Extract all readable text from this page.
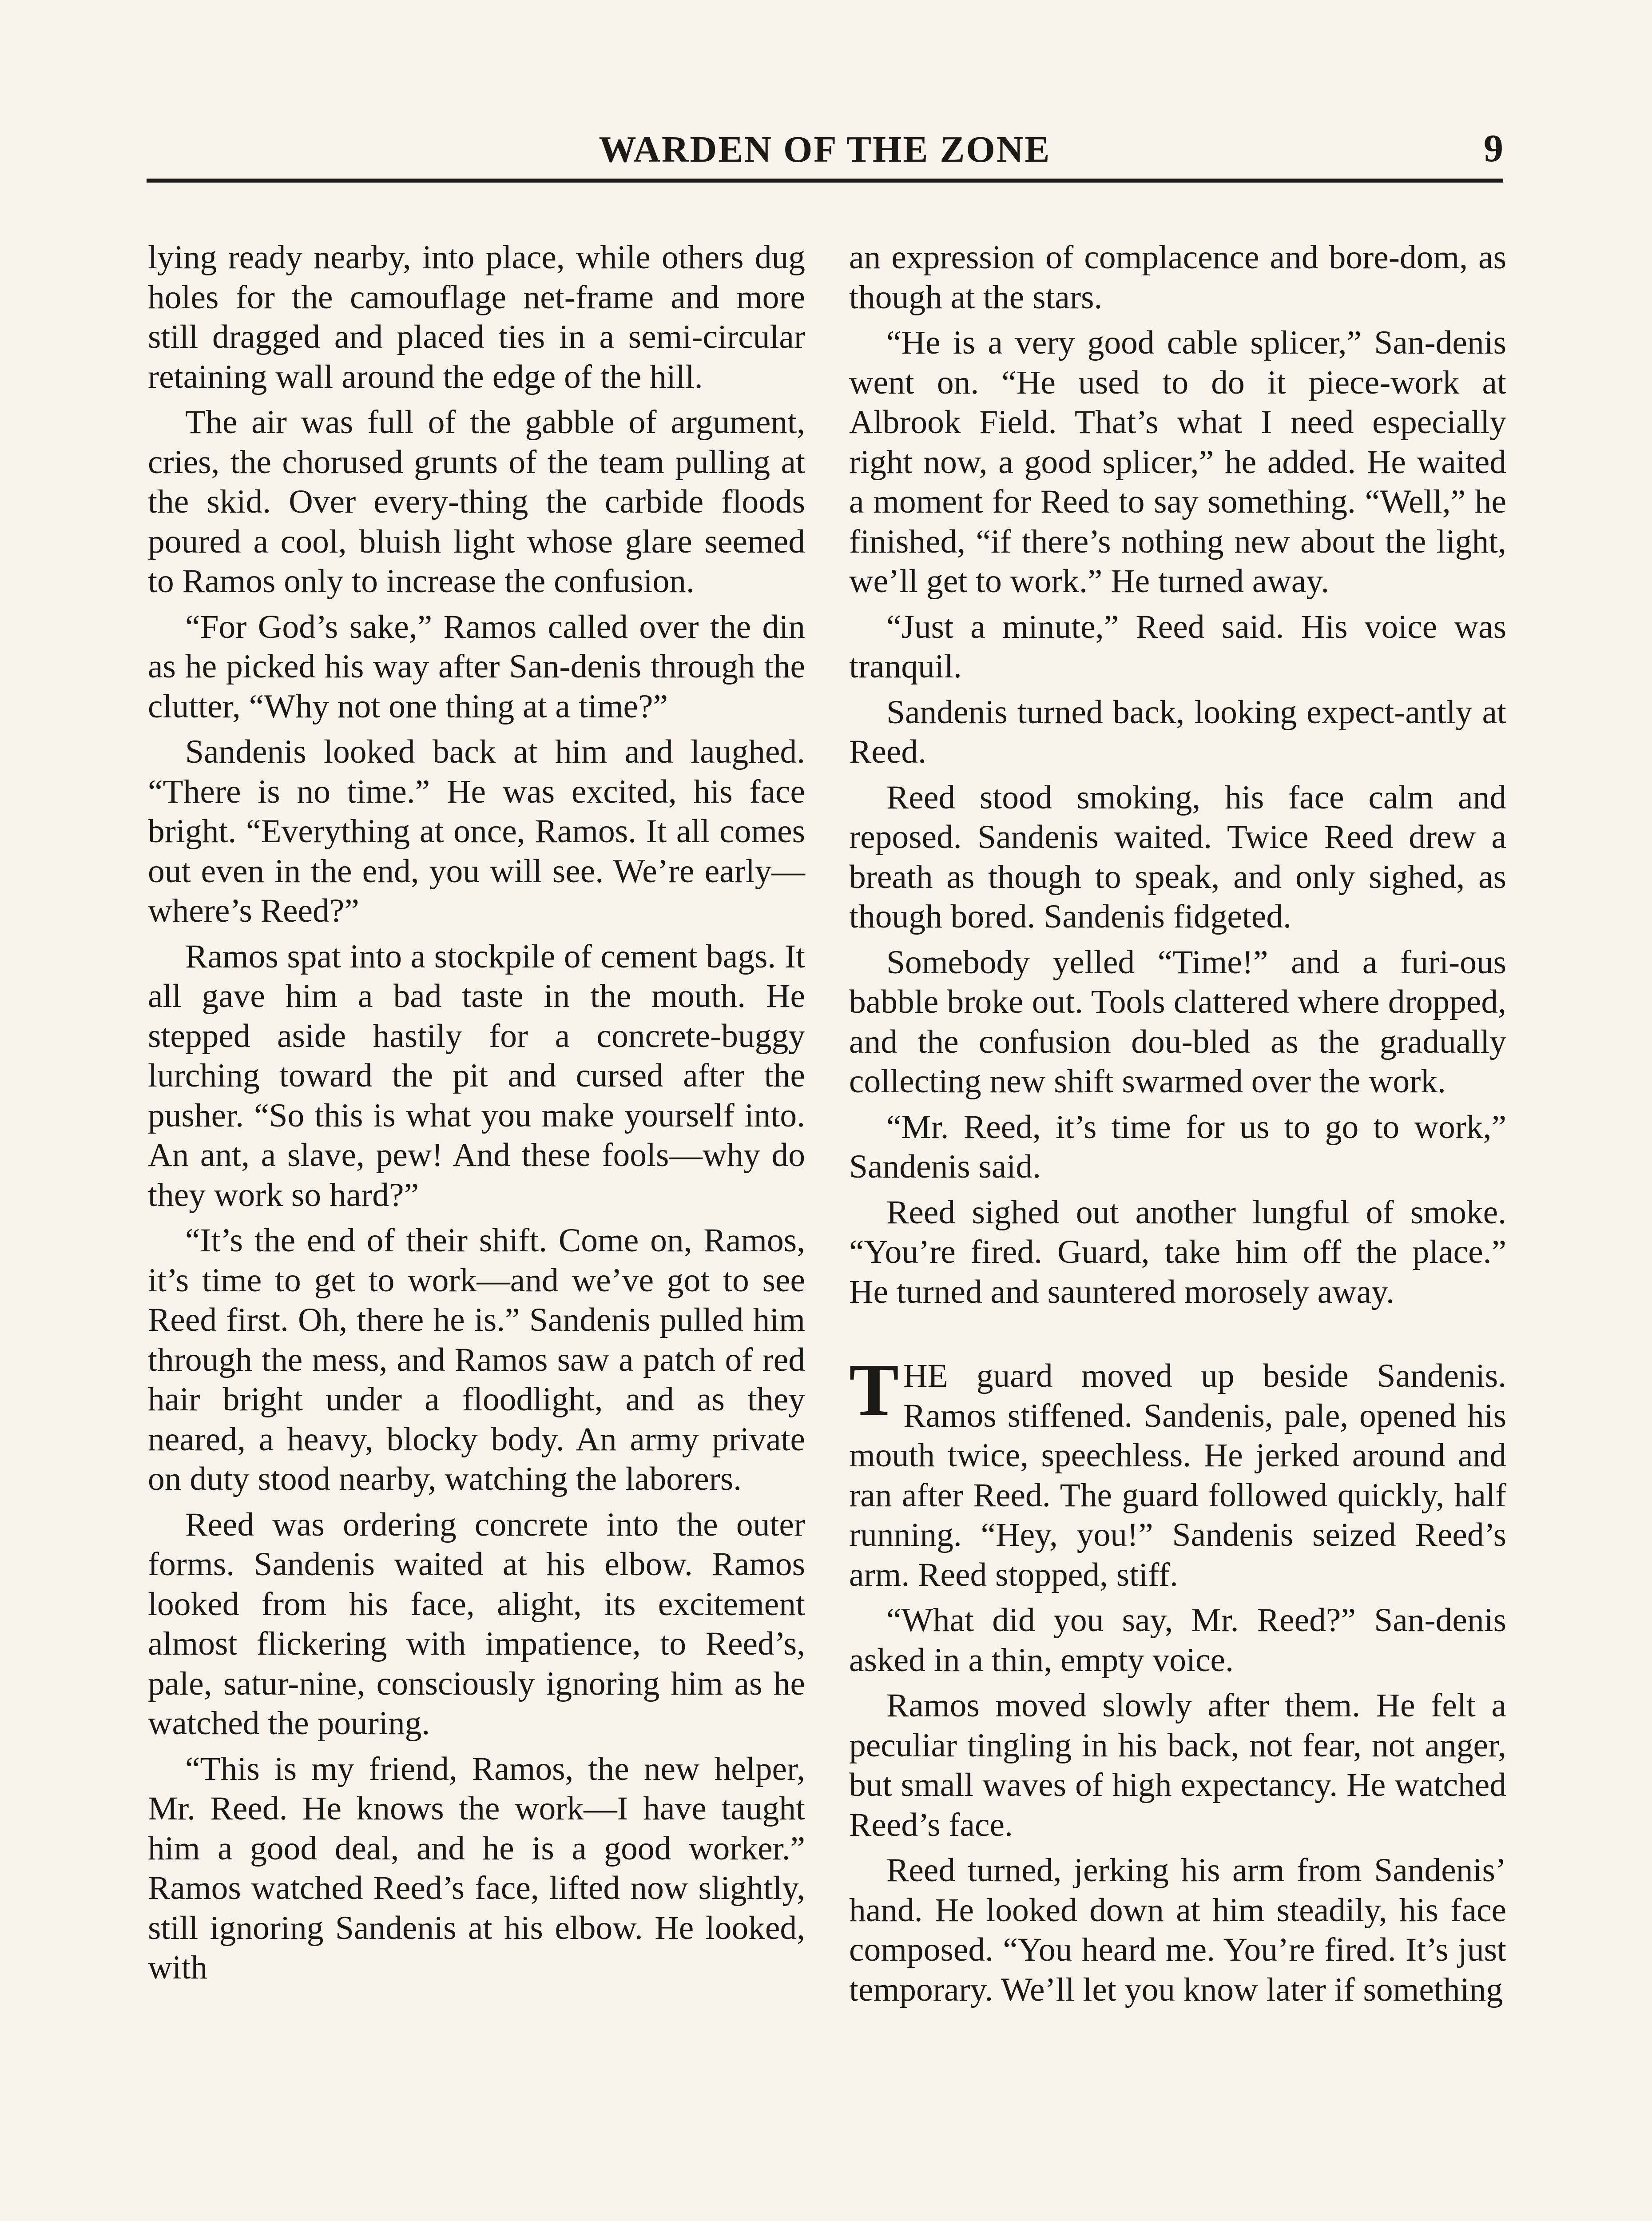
WARDEN OF THE ZONE	9

lying ready nearby, into place, while others dug holes for the camouflage net-frame and more still dragged and placed ties in a semi-circular retaining wall around the edge of the hill.

The air was full of the gabble of argument, cries, the chorused grunts of the team pulling at the skid. Over every-thing the carbide floods poured a cool, bluish light whose glare seemed to Ramos only to increase the confusion.

“For God’s sake,” Ramos called over the din as he picked his way after San-denis through the clutter, “Why not one thing at a time?”

Sandenis looked back at him and laughed. “There is no time.” He was excited, his face bright. “Everything at once, Ramos. It all comes out even in the end, you will see. We’re early—where’s Reed?”

Ramos spat into a stockpile of cement bags. It all gave him a bad taste in the mouth. He stepped aside hastily for a concrete-buggy lurching toward the pit and cursed after the pusher. “So this is what you make yourself into. An ant, a slave, pew! And these fools—why do they work so hard?”

“It’s the end of their shift. Come on, Ramos, it’s time to get to work—and we’ve got to see Reed first. Oh, there he is.” Sandenis pulled him through the mess, and Ramos saw a patch of red hair bright under a floodlight, and as they neared, a heavy, blocky body. An army private on duty stood nearby, watching the laborers.

Reed was ordering concrete into the outer forms. Sandenis waited at his elbow. Ramos looked from his face, alight, its excitement almost flickering with impatience, to Reed’s, pale, satur-nine, consciously ignoring him as he watched the pouring.

“This is my friend, Ramos, the new helper, Mr. Reed. He knows the work—I have taught him a good deal, and he is a good worker.” Ramos watched Reed’s face, lifted now slightly, still ignoring Sandenis at his elbow. He looked, with

an expression of complacence and bore-dom, as though at the stars.

“He is a very good cable splicer,” San-denis went on. “He used to do it piece-work at Albrook Field. That’s what I need especially right now, a good splicer,” he added. He waited a moment for Reed to say something. “Well,” he finished, “if there’s nothing new about the light, we’ll get to work.” He turned away.

“Just a minute,” Reed said. His voice was tranquil.

Sandenis turned back, looking expect-antly at Reed.

Reed stood smoking, his face calm and reposed. Sandenis waited. Twice Reed drew a breath as though to speak, and only sighed, as though bored. Sandenis fidgeted.

Somebody yelled “Time!” and a furi-ous babble broke out. Tools clattered where dropped, and the confusion dou-bled as the gradually collecting new shift swarmed over the work.

“Mr. Reed, it’s time for us to go to work,” Sandenis said.

Reed sighed out another lungful of smoke. “You’re fired. Guard, take him off the place.” He turned and sauntered morosely away.

THE guard moved up beside Sandenis. Ramos stiffened. Sandenis, pale, opened his mouth twice, speechless. He jerked around and ran after Reed. The guard followed quickly, half running. “Hey, you!” Sandenis seized Reed’s arm. Reed stopped, stiff.

“What did you say, Mr. Reed?” San-denis asked in a thin, empty voice.

Ramos moved slowly after them. He felt a peculiar tingling in his back, not fear, not anger, but small waves of high expectancy. He watched Reed’s face.

Reed turned, jerking his arm from Sandenis’ hand. He looked down at him steadily, his face composed. “You heard me. You’re fired. It’s just temporary. We’ll let you know later if something
